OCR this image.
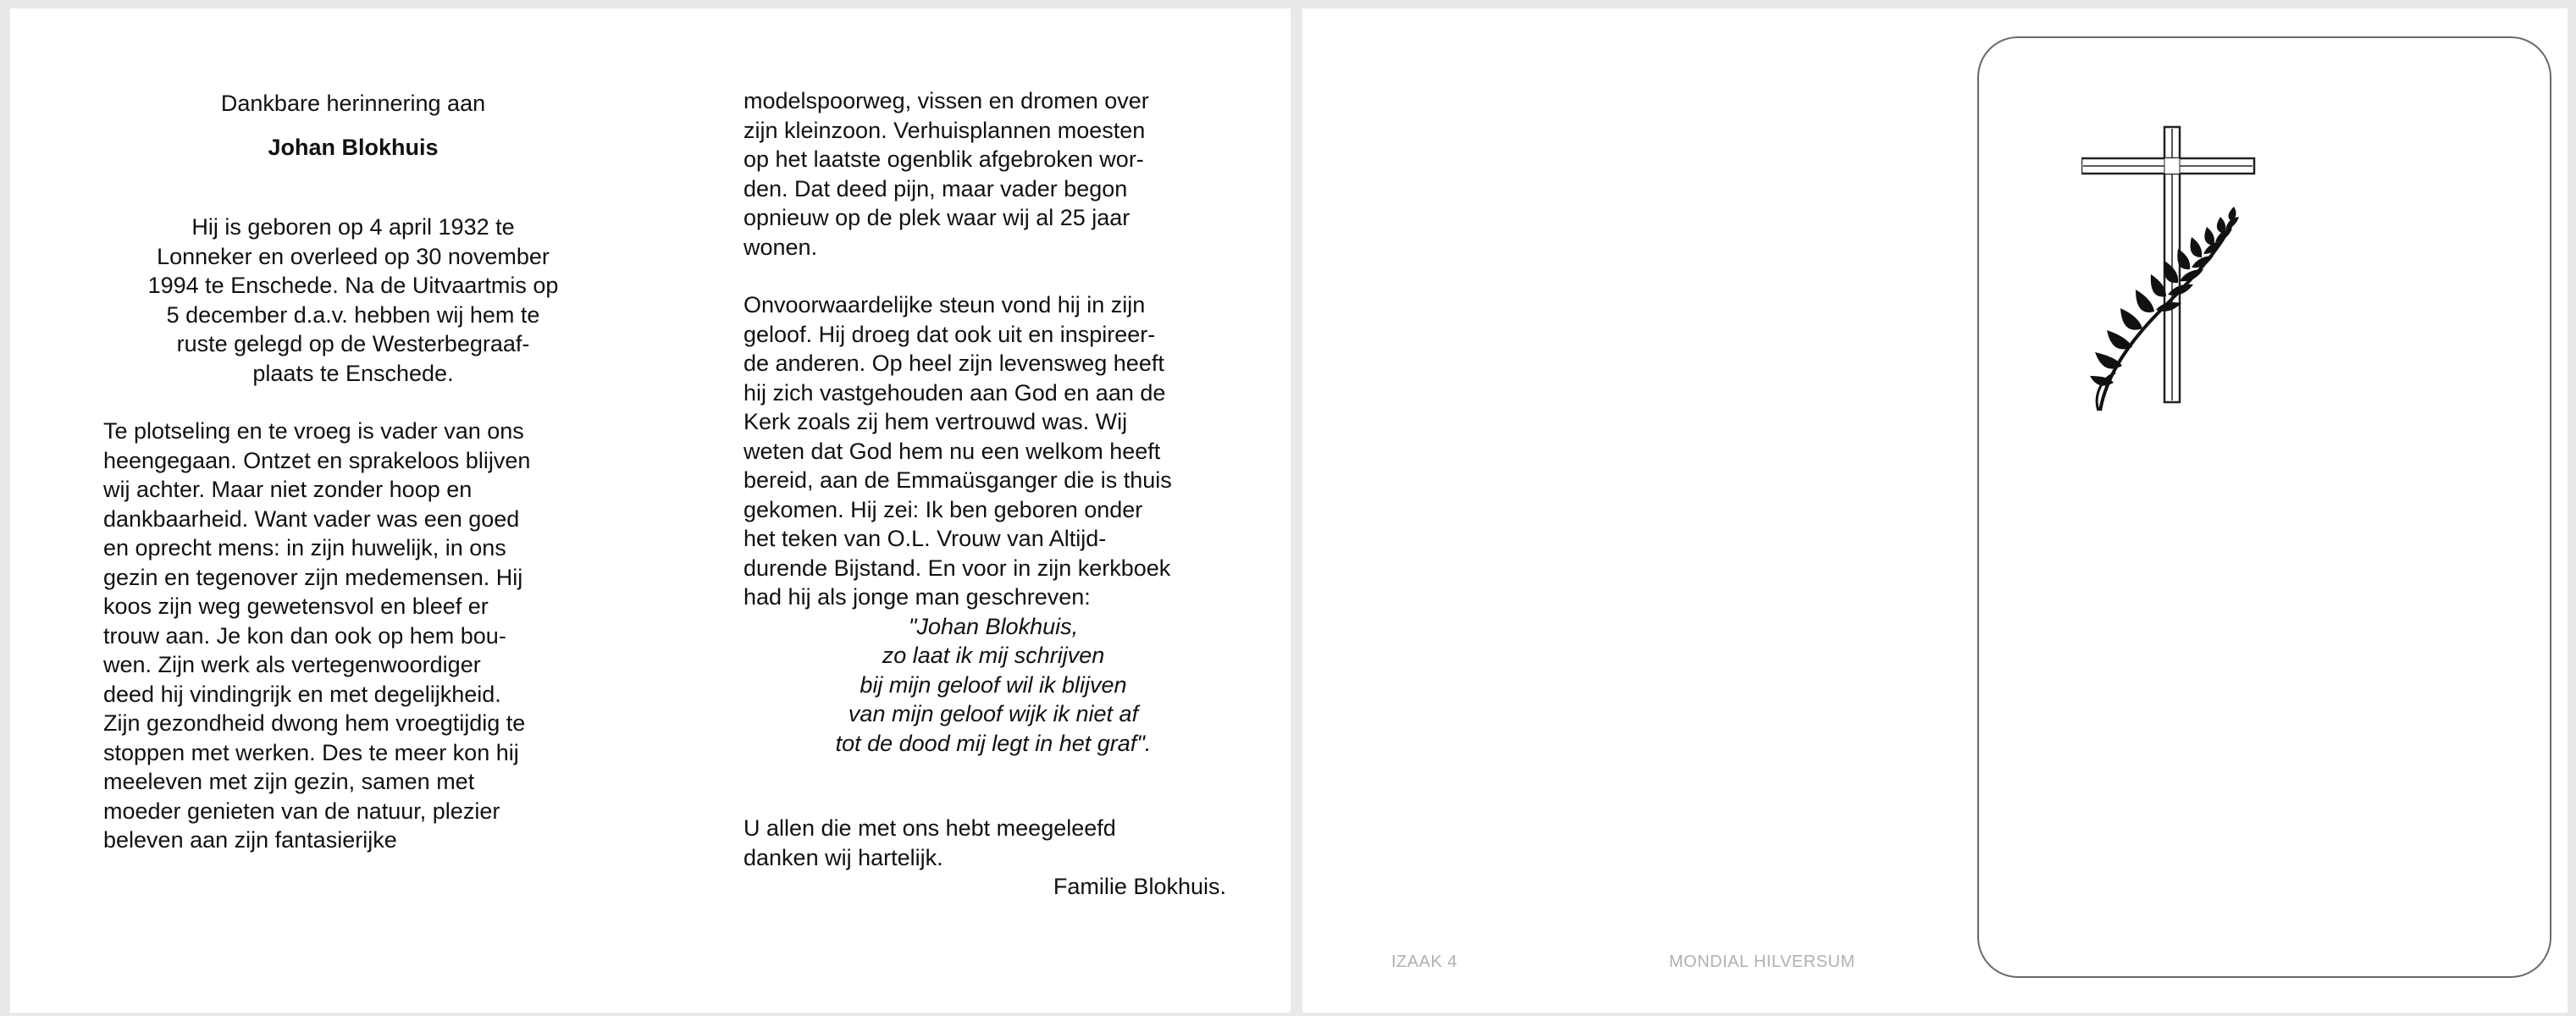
Dankbare herinnering aan

Johan Blokhuis

Hij is geboren op 4 april 1932 te

Lonneker en overleed op 30 november

1994 te Enschede. Na de Uitvaartmis op

5 december d.a.v. hebben wij hem te

ruste gelegd op de Westerbegraaf-

plaats te Enschede.

Te plotseling en te vroeg is vader van ons

heengegaan. Ontzet en sprakeloos blijven

wij achter. Maar niet zonder hoop en

dankbaarheid. Want vader was een goed

en oprecht mens: in zijn huwelijk, in ons

gezin en tegenover zijn medemensen. Hij

koos zijn weg gewetensvol en bleef er

trouw aan. Je kon dan ook op hem bou-

wen. Zijn werk als vertegenwoordiger

deed hij vindingrijk en met degelijkheid.

Zijn gezondheid dwong hem vroegtijdig te

stoppen met werken. Des te meer kon hij

meeleven met zijn gezin, samen met

moeder genieten van de natuur, plezier

beleven aan zijn fantasierijke

modelspoorweg, vissen en dromen over

zijn kleinzoon. Verhuisplannen moesten

op het laatste ogenblik afgebroken wor-

den. Dat deed pijn, maar vader begon

opnieuw op de plek waar wij al 25 jaar

wonen.

Onvoorwaardelijke steun vond hij in zijn

geloof. Hij droeg dat ook uit en inspireer-

de anderen. Op heel zijn levensweg heeft

hij zich vastgehouden aan God en aan de

Kerk zoals zij hem vertrouwd was. Wij

weten dat God hem nu een welkom heeft

bereid, aan de Emmaüsganger die is thuis

gekomen. Hij zei: Ik ben geboren onder

het teken van O.L. Vrouw van Altijd-

durende Bijstand. En voor in zijn kerkboek

had hij als jonge man geschreven:

"Johan Blokhuis,

zo laat ik mij schrijven

bij mijn geloof wil ik blijven

van mijn geloof wijk ik niet af

tot de dood mij legt in het graf".

U allen die met ons hebt meegeleefd

danken wij hartelijk.

Familie Blokhuis.

IZAAK 4	MONDIAL HILVERSUM
